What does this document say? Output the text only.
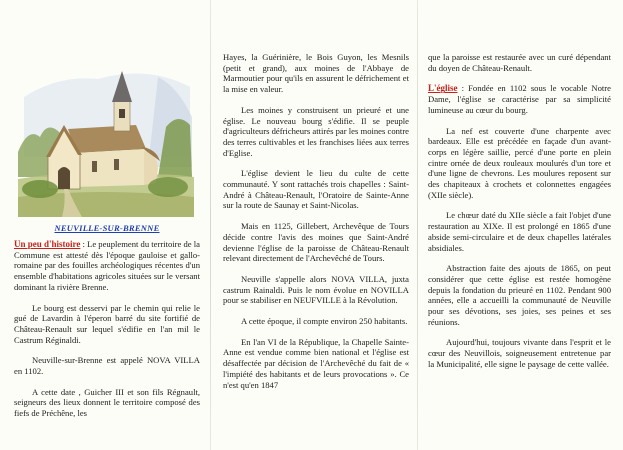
NEUVILLE-SUR-BRENNE

Un peu d'histoire : Le peuplement du territoire de la Commune est attesté dès l'époque gauloise et gallo-romaine par des fouilles archéologiques récentes d'un ensemble d'habitations agricoles situées sur le versant dominant la rivière Brenne.

Le bourg est desservi par le chemin qui relie le gué de Lavardin à l'éperon barré du site fortifié de Château-Renault sur lequel s'édifie en l'an mil le Castrum Réginaldi.

Neuville-sur-Brenne est appelé NOVA VILLA en 1102.

A cette date , Guicher III et son fils Régnault, seigneurs des lieux donnent le territoire composé des fiefs de Préchêne, les

Hayes, la Guérinière, le Bois Guyon, les Mesnils (petit et grand), aux moines de l'Abbaye de Marmoutier pour qu'ils en assurent le défrichement et la mise en valeur.

Les moines y construisent un prieuré et une église. Le nouveau bourg s'édifie. Il se peuple d'agriculteurs défricheurs attirés par les moines contre des terres cultivables et les franchises liées aux terres d'Eglise.

L'église devient le lieu du culte de cette communauté. Y sont rattachés trois chapelles : Saint-André à Château-Renault, l'Oratoire de Sainte-Anne sur la route de Saunay et Saint-Nicolas.

Mais en 1125, Gillebert, Archevêque de Tours décide contre l'avis des moines que Saint-André devienne l'église de la paroisse de Château-Renault relevant directement de l'Archevêché de Tours.

Neuville s'appelle alors NOVA VILLA, juxta castrum Rainaldi. Puis le nom évolue en NOVILLA pour se stabiliser en NEUFVILLE à la Révolution.

A cette époque, il compte environ 250 habitants.

En l'an VI de la République, la Chapelle Sainte-Anne est vendue comme bien national et l'église est désaffectée par décision de l'Archevêché du fait de « l'impiété des habitants et de leurs provocations ». Ce n'est qu'en 1847

que la paroisse est restaurée avec un curé dépendant du doyen de Château-Renault.

L'église : Fondée en 1102 sous le vocable Notre Dame, l'église se caractérise par sa simplicité lumineuse au cœur du bourg.

La nef est couverte d'une charpente avec bardeaux. Elle est précédée en façade d'un avant-corps en légère saillie, percé d'une porte en plein cintre ornée de deux rouleaux moulurés d'un tore et d'une ligne de chevrons. Les moulures reposent sur des chapiteaux à crochets et colonnettes engagées (XIIe siècle).

Le chœur daté du XIIe siècle a fait l'objet d'une restauration au XIXe. Il est prolongé en 1865 d'une abside semi-circulaire et de deux chapelles latérales absidiales.

Abstraction faite des ajouts de 1865, on peut considérer que cette église est restée homogène depuis la fondation du prieuré en 1102. Pendant 900 années, elle a accueilli la communauté de Neuville pour ses dévotions, ses joies, ses peines et ses réunions.

Aujourd'hui, toujours vivante dans l'esprit et le cœur des Neuvillois, soigneusement entretenue par la Municipalité, elle signe le paysage de cette vallée.
